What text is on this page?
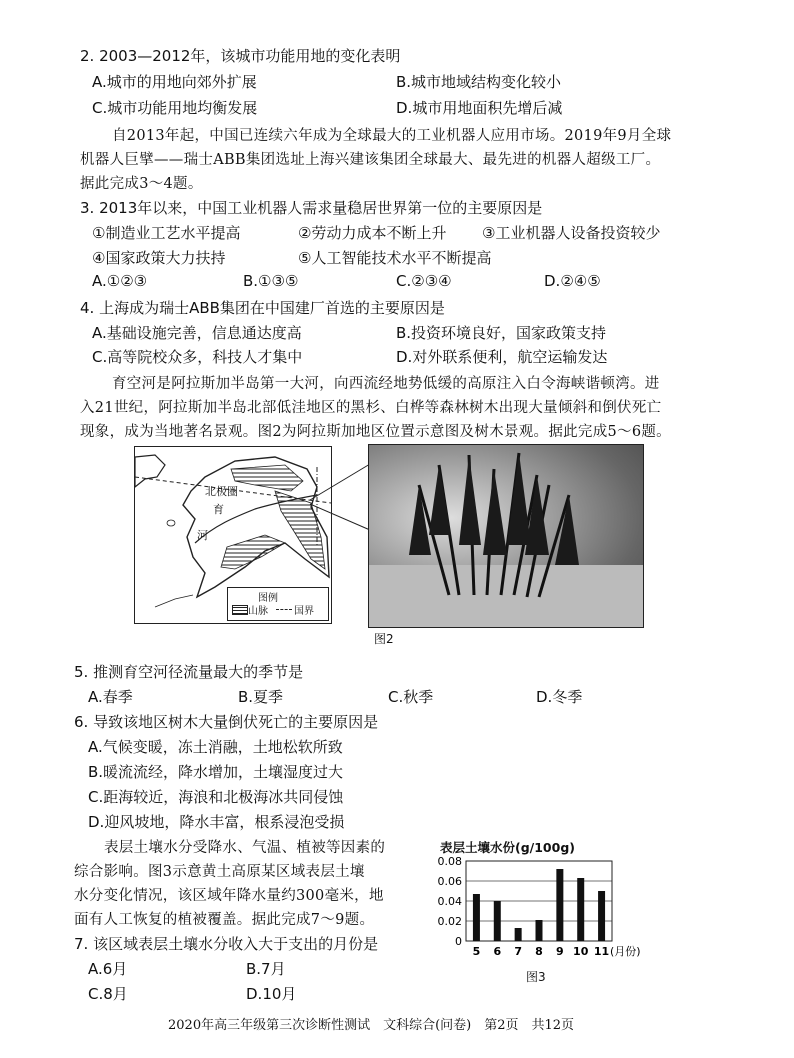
2. 2003—2012年，该城市功能用地的变化表明
A.城市的用地向郊外扩展	B.城市地域结构变化较小
C.城市功能用地均衡发展	D.城市用地面积先增后减
自2013年起，中国已连续六年成为全球最大的工业机器人应用市场。2019年9月全球
机器人巨擘——瑞士ABB集团选址上海兴建该集团全球最大、最先进的机器人超级工厂。
据此完成3～4题。
3. 2013年以来，中国工业机器人需求量稳居世界第一位的主要原因是
①制造业工艺水平提高	②劳动力成本不断上升 ③工业机器人设备投资较少
④国家政策大力扶持	⑤人工智能技术水平不断提高
A.①②③	B.①③⑤	C.②③④	D.②④⑤
4. 上海成为瑞士ABB集团在中国建厂首选的主要原因是
A.基础设施完善，信息通达度高	B.投资环境良好，国家政策支持
C.高等院校众多，科技人才集中	D.对外联系便利，航空运输发达
育空河是阿拉斯加半岛第一大河，向西流经地势低缓的高原注入白令海峡谐顿湾。进
入21世纪，阿拉斯加半岛北部低洼地区的黑杉、白桦等森林树木出现大量倾斜和倒伏死亡
现象，成为当地著名景观。图2为阿拉斯加地区位置示意图及树木景观。据此完成5～6题。
北极圈
育
河
图例
山脉	国界
图2
5. 推测育空河径流量最大的季节是
A.春季	B.夏季	C.秋季	D.冬季
6. 导致该地区树木大量倒伏死亡的主要原因是
A.气候变暖，冻土消融，土地松软所致
B.暖流流经，降水增加，土壤湿度过大
C.距海较近，海浪和北极海冰共同侵蚀
D.迎风坡地，降水丰富，根系浸泡受损
表层土壤水分受降水、气温、植被等因素的
综合影响。图3示意黄土高原某区域表层土壤
水分变化情况，该区域年降水量约300毫米，地
面有人工恢复的植被覆盖。据此完成7～9题。
7. 该区域表层土壤水分收入大于支出的月份是
A.6月	B.7月
C.8月	D.10月
表层土壤水份(g/100g)
0
0.02
0.04
0.06
0.08
5 6 7 8 9 10 11 (月份)
图3
2020年高三年级第三次诊断性测试　文科综合(问卷)　第2页　共12页
